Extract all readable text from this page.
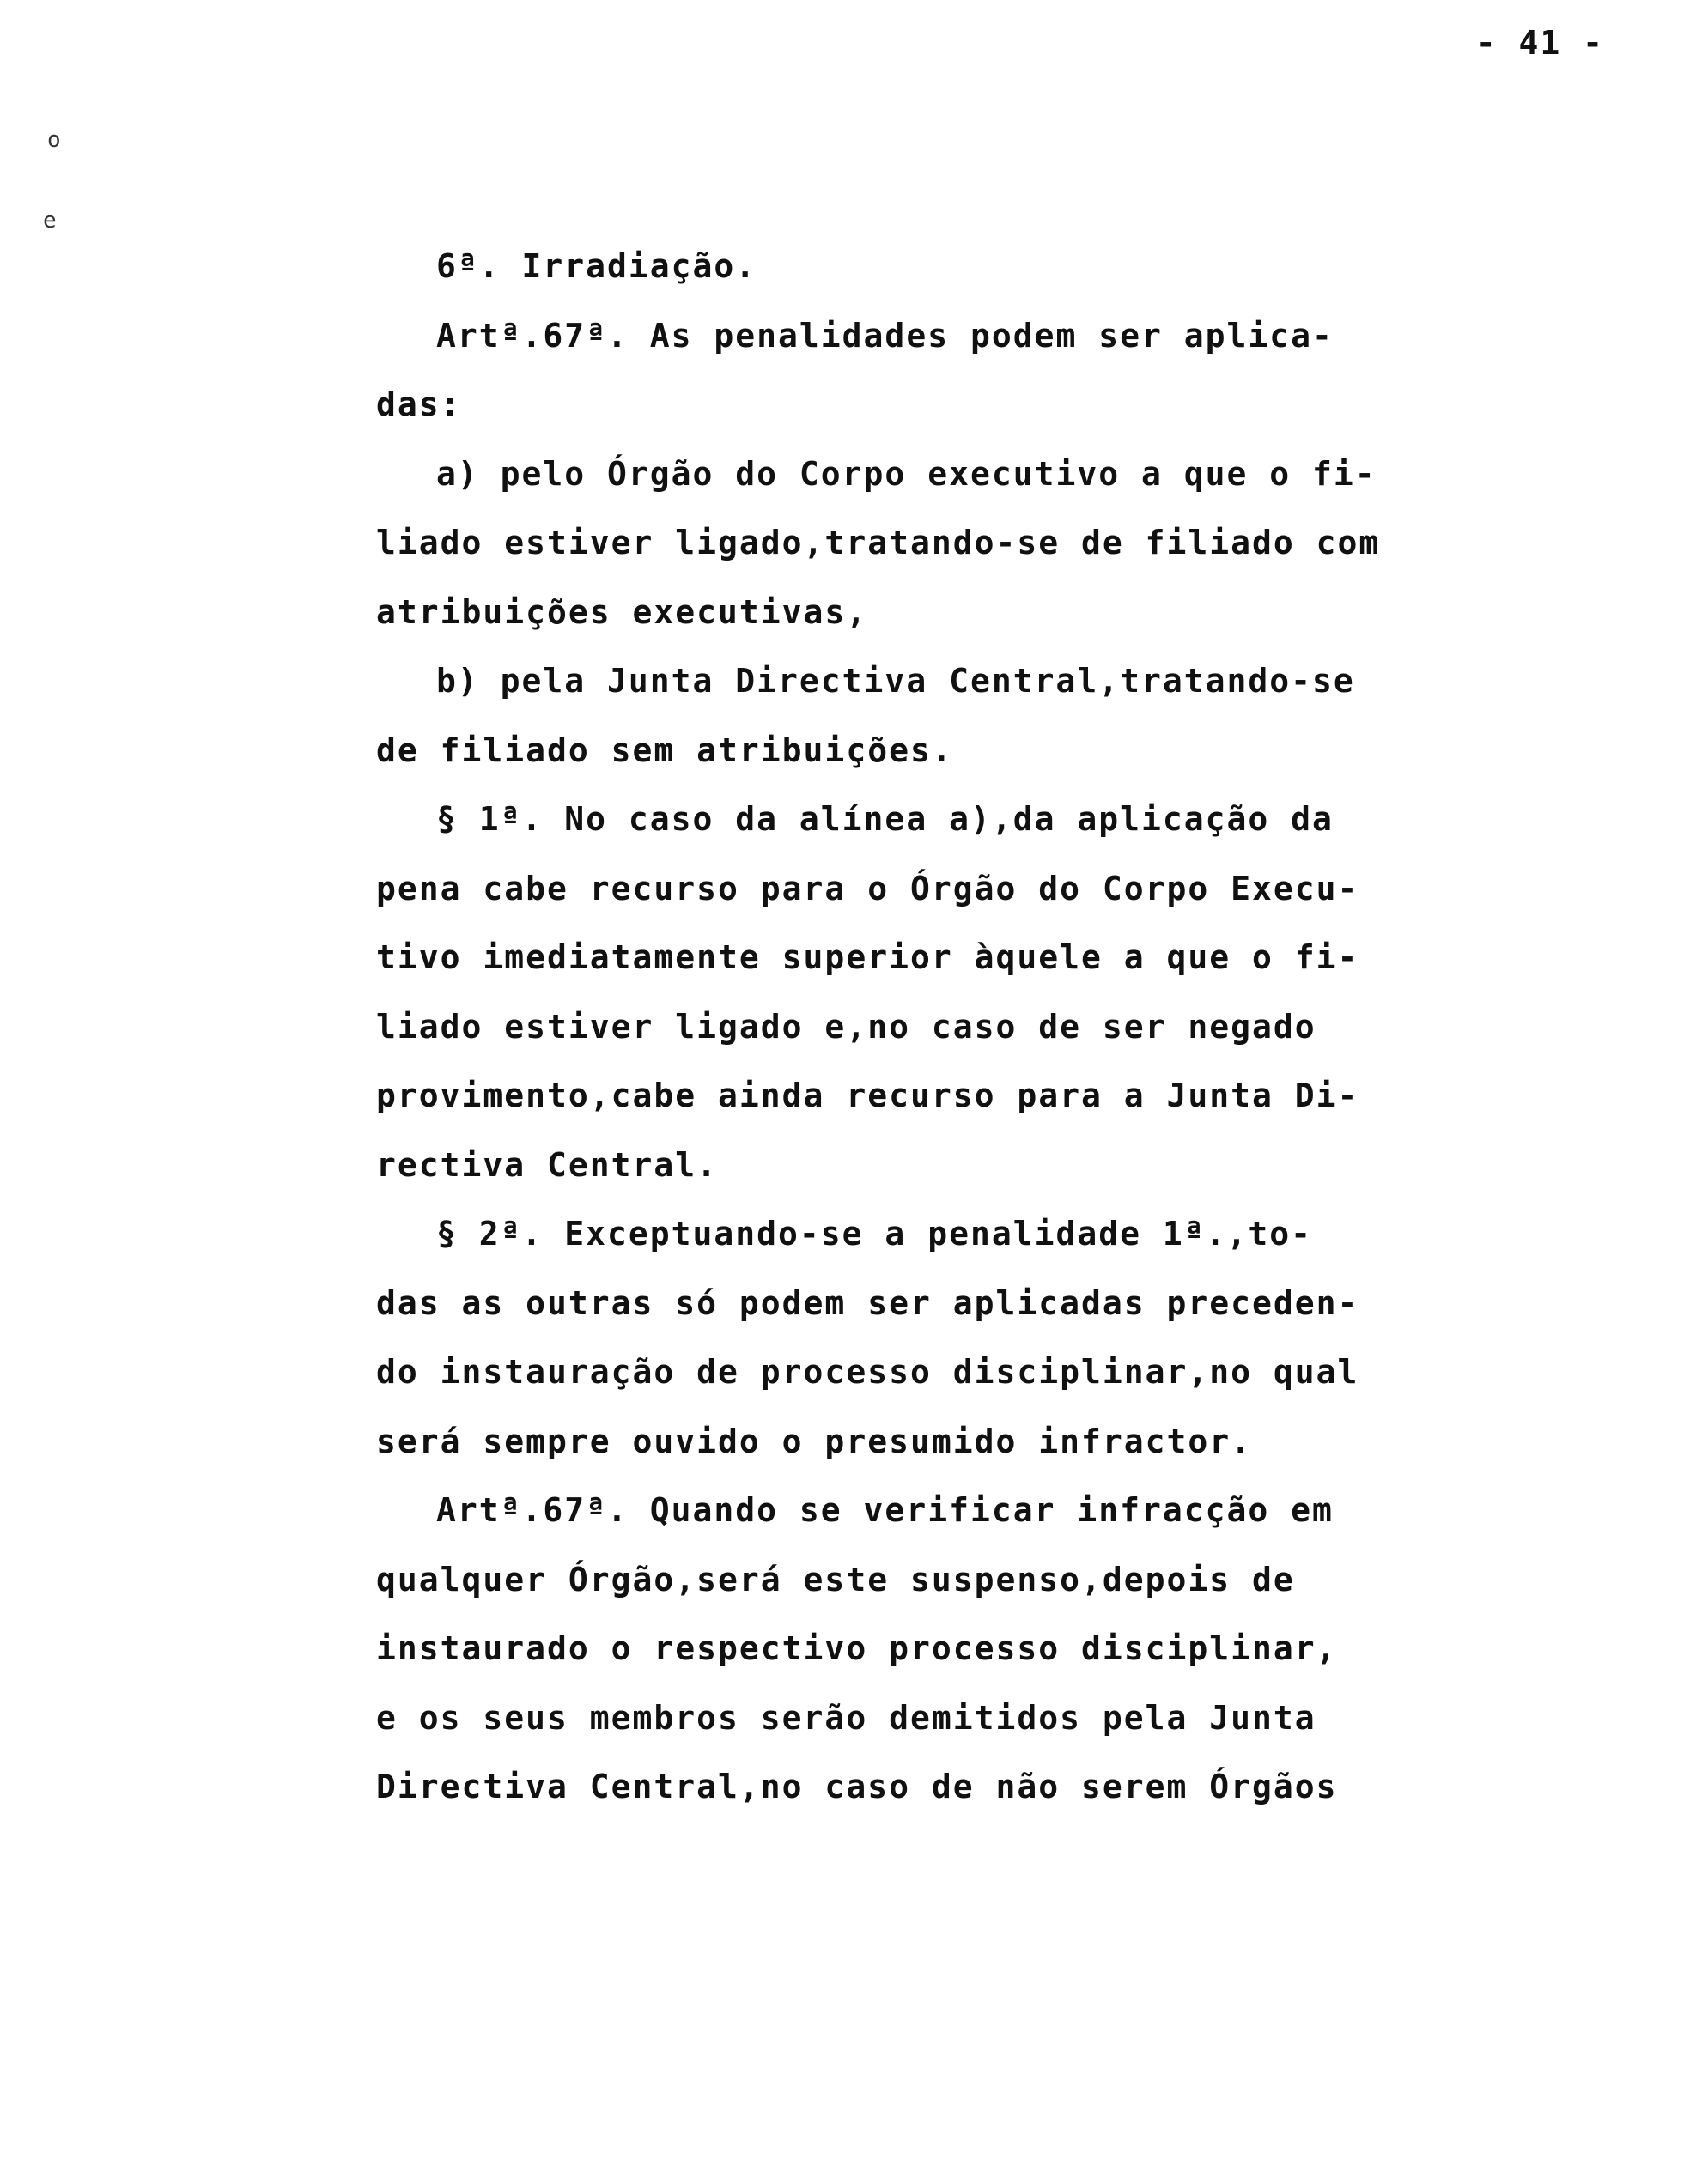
- 41 -
o
e
6ª. Irradiação.
Artª.67ª. As penalidades podem ser aplica-
das:
a) pelo Órgão do Corpo executivo a que o fi-
liado estiver ligado,tratando-se de filiado com
atribuições executivas,
b) pela Junta Directiva Central,tratando-se
de filiado sem atribuições.
§ 1ª. No caso da alínea a),da aplicação da
pena cabe recurso para o Órgão do Corpo Execu-
tivo imediatamente superior àquele a que o fi-
liado estiver ligado e,no caso de ser negado
provimento,cabe ainda recurso para a Junta Di-
rectiva Central.
§ 2ª. Exceptuando-se a penalidade 1ª.,to-
das as outras só podem ser aplicadas preceden-
do instauração de processo disciplinar,no qual
será sempre ouvido o presumido infractor.
Artª.67ª. Quando se verificar infracção em
qualquer Órgão,será este suspenso,depois de
instaurado o respectivo processo disciplinar,
e os seus membros serão demitidos pela Junta
Directiva Central,no caso de não serem Órgãos
